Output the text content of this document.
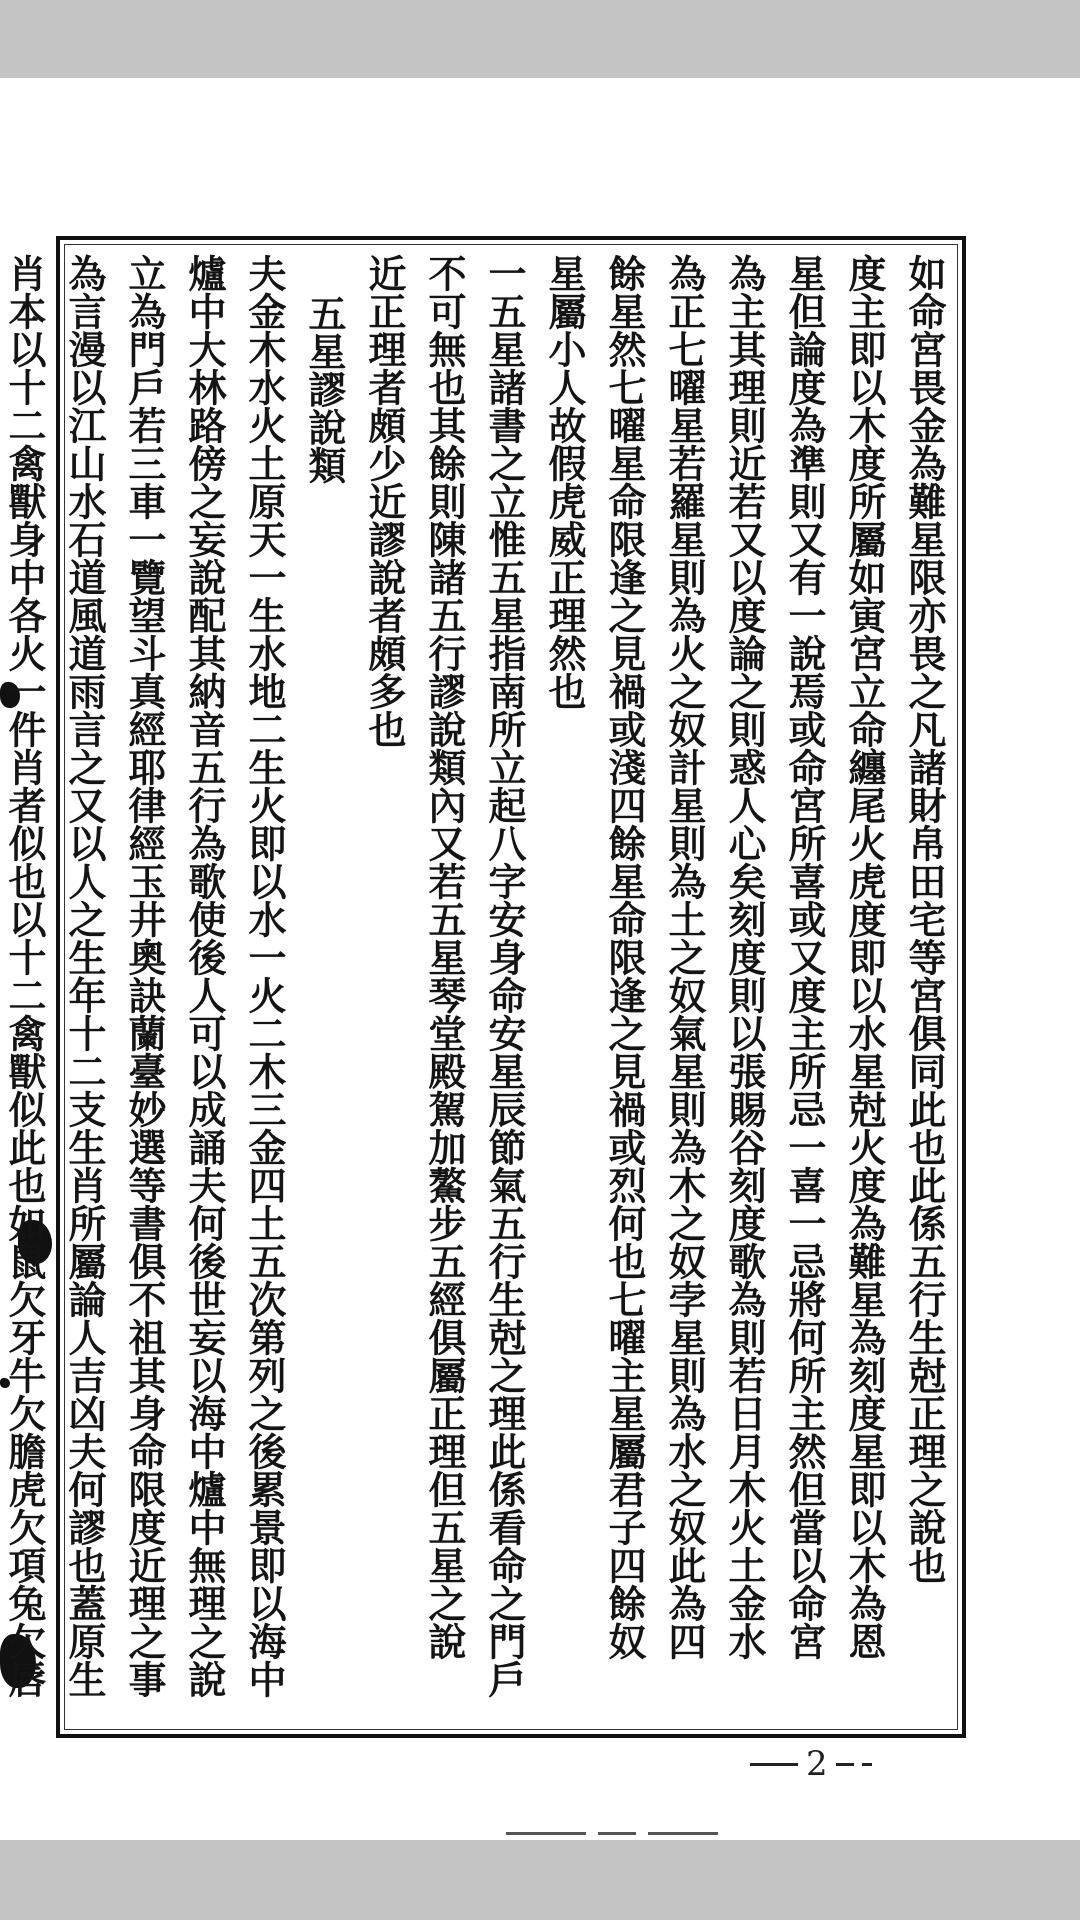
如命宮畏金為難星限亦畏之凡諸財帛田宅等宮俱同此也此係五行生尅正理之說也
度主即以木度所屬如寅宮立命纏尾火虎度即以水星尅火度為難星為刻度星即以木為恩
星但論度為準則又有一說焉或命宮所喜或又度主所忌一喜一忌將何所主然但當以命宮
為主其理則近若又以度論之則惑人心矣刻度則以張賜谷刻度歌為則若日月木火土金水
為正七曜星若羅星則為火之奴計星則為土之奴氣星則為木之奴孛星則為水之奴此為四
餘星然七曜星命限逢之見禍或淺四餘星命限逢之見禍或烈何也七曜主星屬君子四餘奴
星屬小人故假虎威正理然也
一五星諸書之立惟五星指南所立起八字安身命安星辰節氣五行生尅之理此係看命之門戶
不可無也其餘則陳諸五行謬說類內又若五星琴堂殿駕加鰲步五經俱屬正理但五星之說
近正理者頗少近謬說者頗多也
五星謬說類
夫金木水火土原天一生水地二生火即以水一火二木三金四土五次第列之後累景即以海中
爐中大林路傍之妄說配其納音五行為歌使後人可以成誦夫何後世妄以海中爐中無理之說
立為門戶若三車一覽望斗真經耶律經玉井奧訣蘭臺妙選等書俱不祖其身命限度近理之事
為言漫以江山水石道風道雨言之又以人之生年十二支生肖所屬論人吉凶夫何謬也蓋原生
肖本以十二禽獸身中各火一件肖者似也以十二禽獸似此也如鼠欠牙牛欠膽虎欠項兔欠唇
2
